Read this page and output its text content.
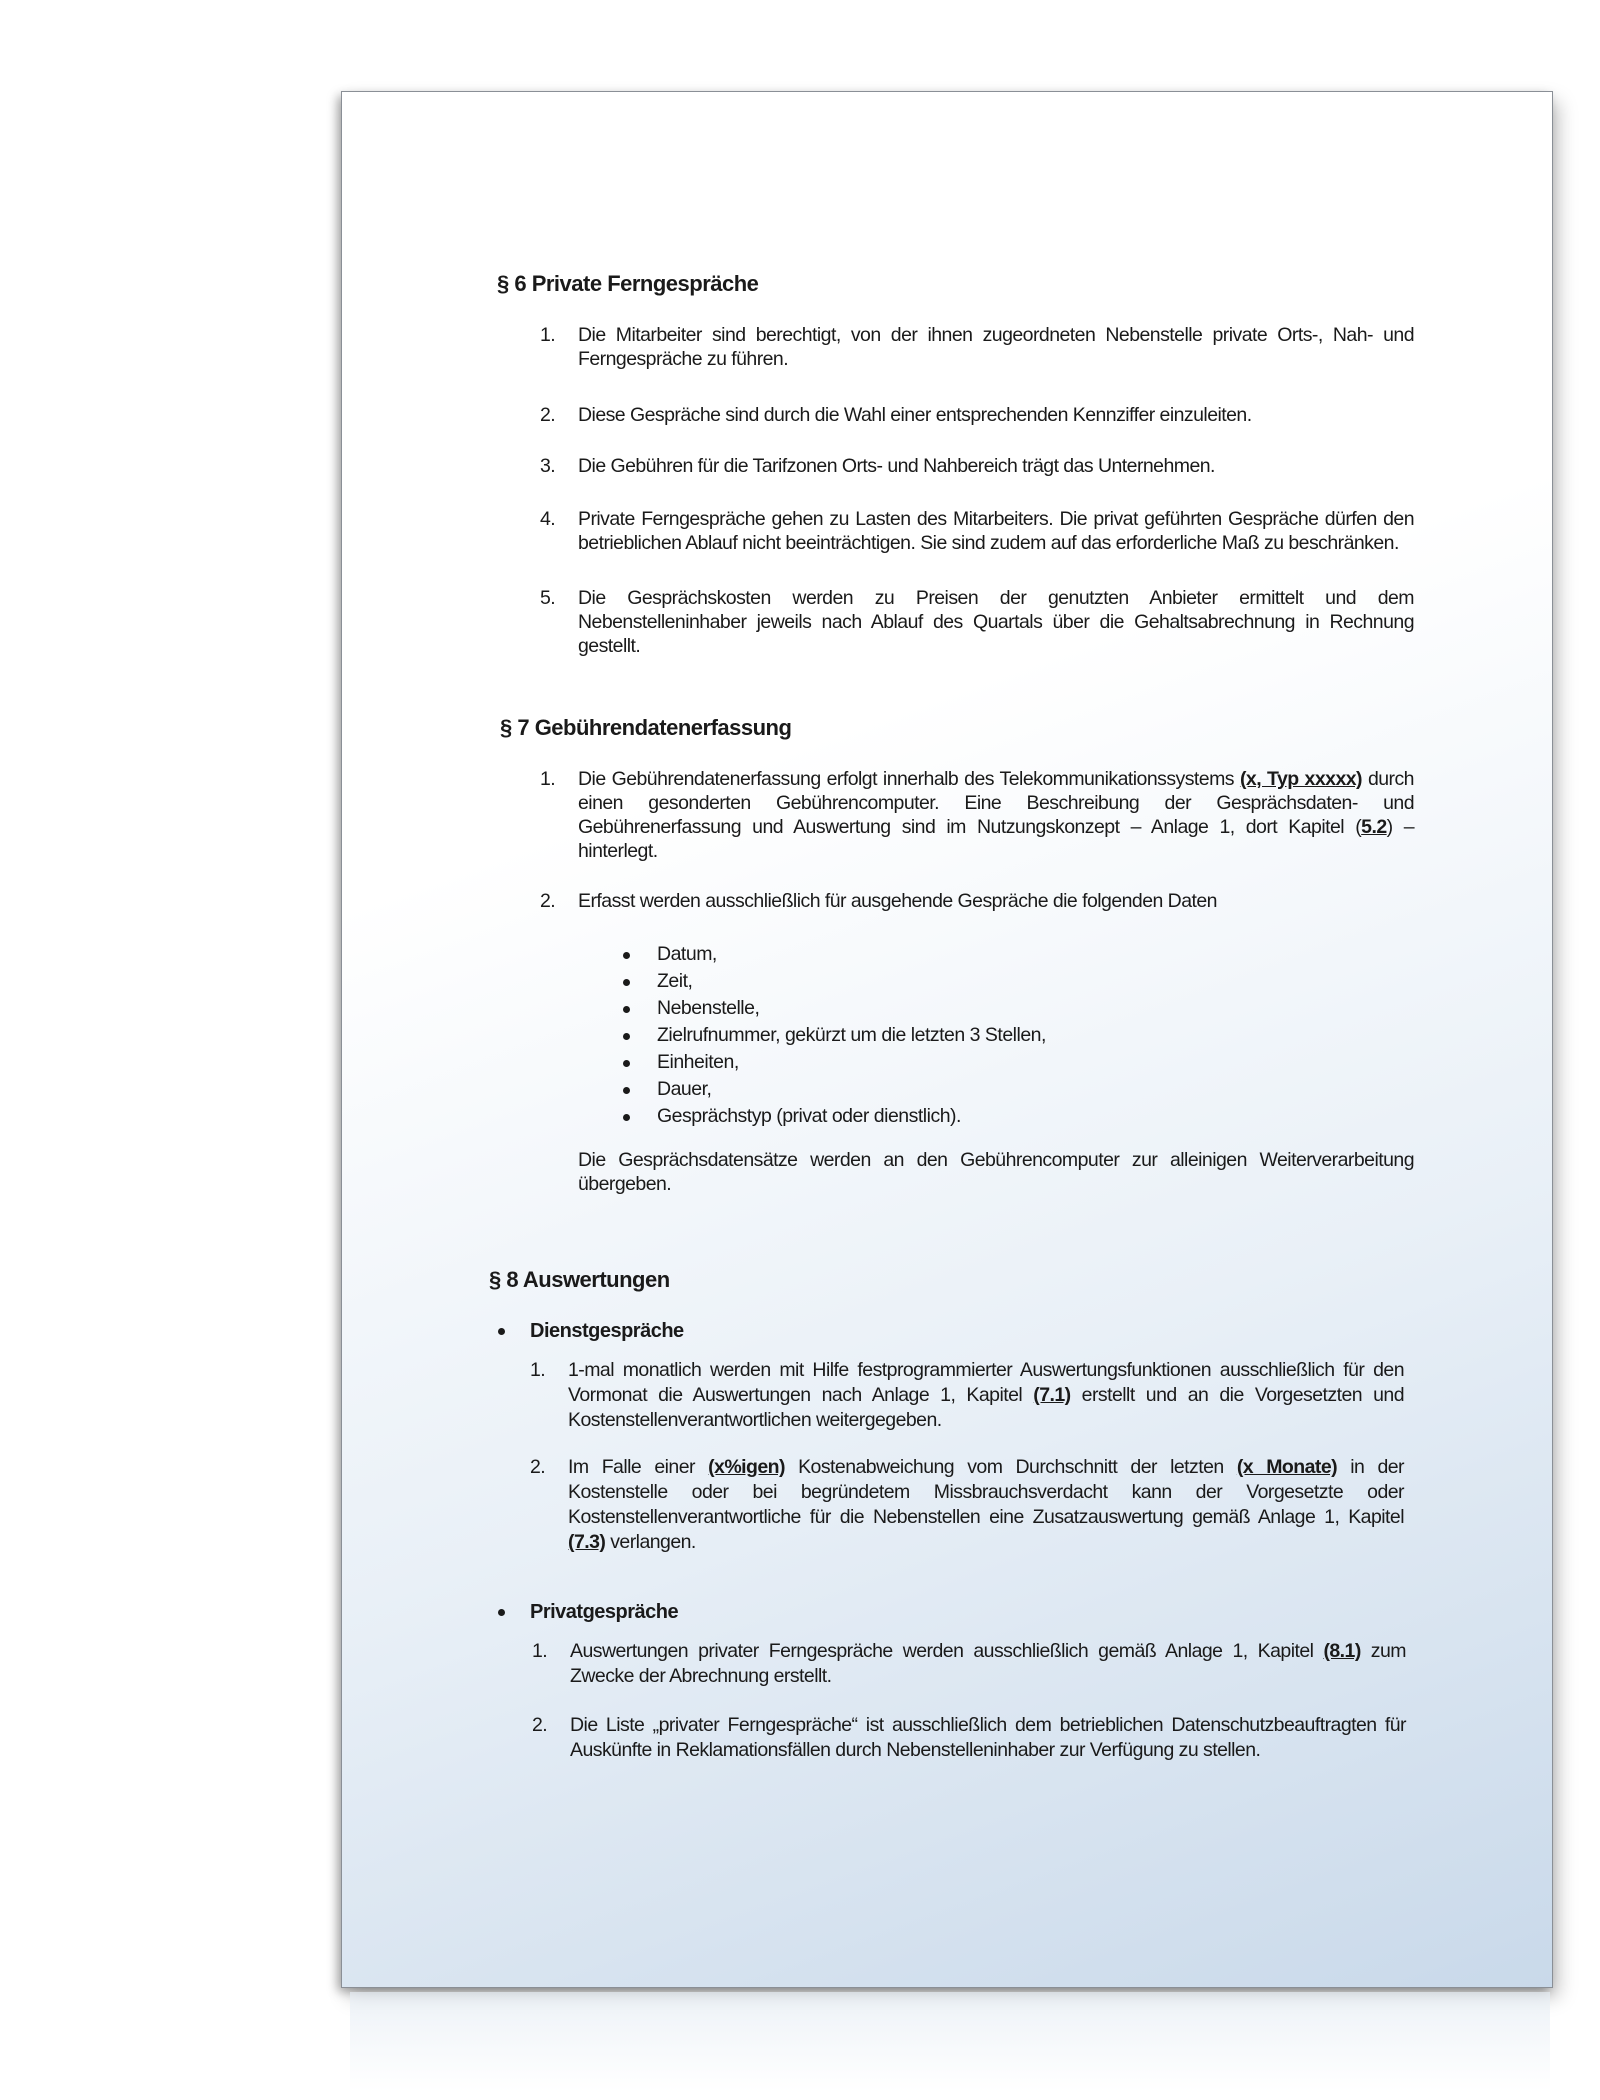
§ 6 Private Ferngespräche
1. Die Mitarbeiter sind berechtigt, von der ihnen zugeordneten Nebenstelle private Orts-, Nah- und Ferngespräche zu führen.
2. Diese Gespräche sind durch die Wahl einer entsprechenden Kennziffer einzuleiten.
3. Die Gebühren für die Tarifzonen Orts- und Nahbereich trägt das Unternehmen.
4. Private Ferngespräche gehen zu Lasten des Mitarbeiters. Die privat geführten Gespräche dürfen den betrieblichen Ablauf nicht beeinträchtigen. Sie sind zudem auf das erforderliche Maß zu beschränken.
5. Die Gesprächskosten werden zu Preisen der genutzten Anbieter ermittelt und dem Nebenstelleninhaber jeweils nach Ablauf des Quartals über die Gehaltsabrechnung in Rechnung gestellt.
§ 7 Gebührendatenerfassung
1. Die Gebührendatenerfassung erfolgt innerhalb des Telekommunikationssystems (x, Typ xxxxx) durch einen gesonderten Gebührencomputer. Eine Beschreibung der Gesprächsdaten- und Gebührenerfassung und Auswertung sind im Nutzungskonzept – Anlage 1, dort Kapitel (5.2) – hinterlegt.
2. Erfasst werden ausschließlich für ausgehende Gespräche die folgenden Daten
Datum,
Zeit,
Nebenstelle,
Zielrufnummer, gekürzt um die letzten 3 Stellen,
Einheiten,
Dauer,
Gesprächstyp (privat oder dienstlich).
Die Gesprächsdatensätze werden an den Gebührencomputer zur alleinigen Weiterverarbeitung übergeben.
§ 8 Auswertungen
Dienstgespräche
1. 1-mal monatlich werden mit Hilfe festprogrammierter Auswertungsfunktionen ausschließlich für den Vormonat die Auswertungen nach Anlage 1, Kapitel (7.1) erstellt und an die Vorgesetzten und Kostenstellenverantwortlichen weitergegeben.
2. Im Falle einer (x%igen) Kostenabweichung vom Durchschnitt der letzten (x Monate) in der Kostenstelle oder bei begründetem Missbrauchsverdacht kann der Vorgesetzte oder Kostenstellenverantwortliche für die Nebenstellen eine Zusatzauswertung gemäß Anlage 1, Kapitel (7.3) verlangen.
Privatgespräche
1. Auswertungen privater Ferngespräche werden ausschließlich gemäß Anlage 1, Kapitel (8.1) zum Zwecke der Abrechnung erstellt.
2. Die Liste „privater Ferngespräche“ ist ausschließlich dem betrieblichen Datenschutzbeauftragten für Auskünfte in Reklamationsfällen durch Nebenstelleninhaber zur Verfügung zu stellen.
